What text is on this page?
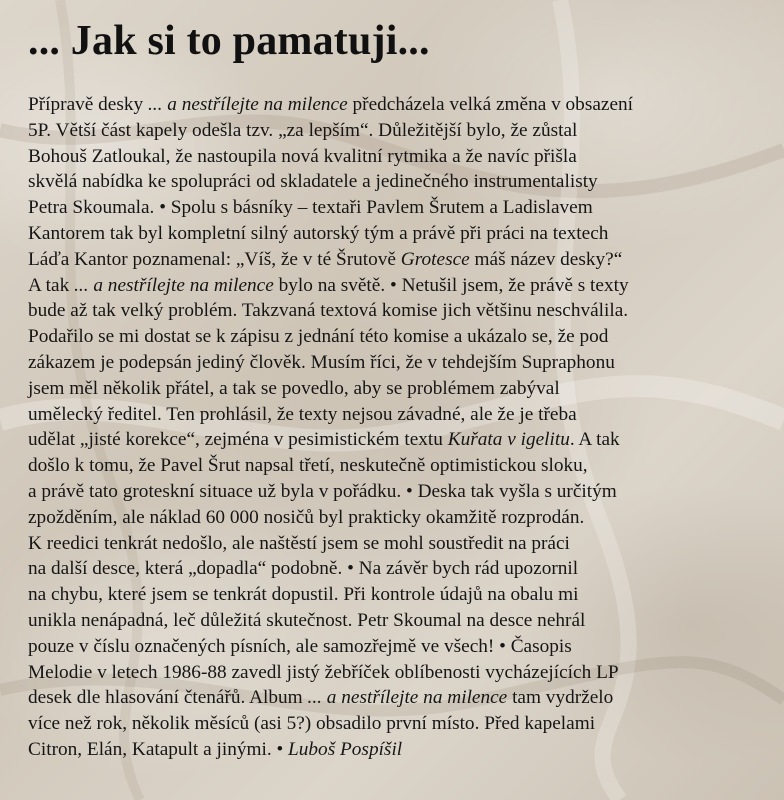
... Jak si to pamatuji...
Přípravě desky ... a nestřílejte na milence předcházela velká změna v obsazení
5P. Větší část kapely odešla tzv. „za lepším“. Důležitější bylo, že zůstal
Bohouš Zatloukal, že nastoupila nová kvalitní rytmika a že navíc přišla
skvělá nabídka ke spolupráci od skladatele a jedinečného instrumentalisty
Petra Skoumala. • Spolu s básníky – textaři Pavlem Šrutem a Ladislavem
Kantorem tak byl kompletní silný autorský tým a právě při práci na textech
Láďa Kantor poznamenal: „Víš, že v té Šrutově Grotesce máš název desky?“
A tak ... a nestřílejte na milence bylo na světě. • Netušil jsem, že právě s texty
bude až tak velký problém. Takzvaná textová komise jich většinu neschválila.
Podařilo se mi dostat se k zápisu z jednání této komise a ukázalo se, že pod
zákazem je podepsán jediný člověk. Musím říci, že v tehdejším Supraphonu
jsem měl několik přátel, a tak se povedlo, aby se problémem zabýval
umělecký ředitel. Ten prohlásil, že texty nejsou závadné, ale že je třeba
udělat „jisté korekce“, zejména v pesimistickém textu Kuřata v igelitu. A tak
došlo k tomu, že Pavel Šrut napsal třetí, neskutečně optimistickou sloku,
a právě tato groteskní situace už byla v pořádku. • Deska tak vyšla s určitým
zpožděním, ale náklad 60 000 nosičů byl prakticky okamžitě rozprodán.
K reedici tenkrát nedošlo, ale naštěstí jsem se mohl soustředit na práci
na další desce, která „dopadla“ podobně. • Na závěr bych rád upozornil
na chybu, které jsem se tenkrát dopustil. Při kontrole údajů na obalu mi
unikla nenápadná, leč důležitá skutečnost. Petr Skoumal na desce nehrál
pouze v číslu označených písních, ale samozřejmě ve všech! • Časopis
Melodie v letech 1986-88 zavedl jistý žebříček oblíbenosti vycházejících LP
desek dle hlasování čtenářů. Album ... a nestřílejte na milence tam vydrželo
více než rok, několik měsíců (asi 5?) obsadilo první místo. Před kapelami
Citron, Elán, Katapult a jinými. • Luboš Pospíšil
